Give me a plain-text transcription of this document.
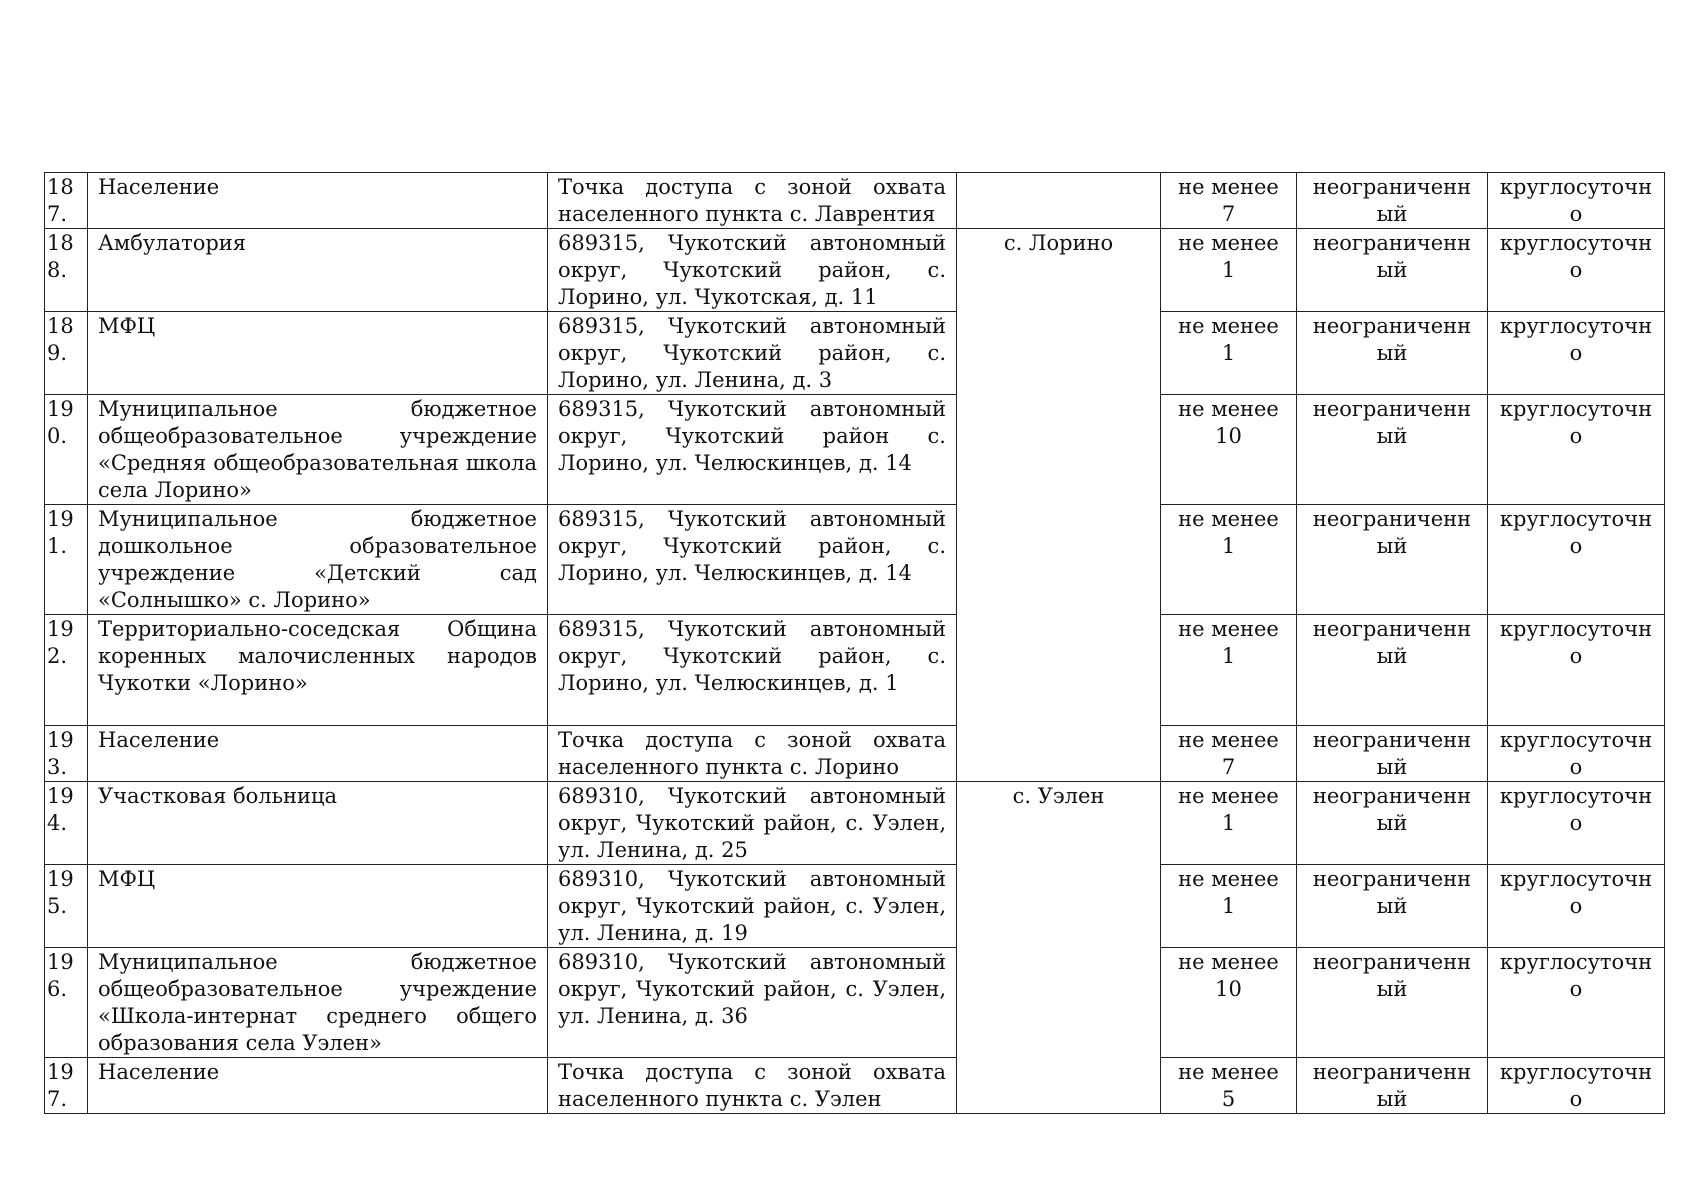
187.	Население	Точка доступа с зоной охвата населенного пункта с. Лаврентия		не менее 7	неограниченный	круглосуточно
188.	Амбулатория	689315, Чукотский автономный округ, Чукотский район, с. Лорино, ул. Чукотская, д. 11	с. Лорино	не менее 1	неограниченный	круглосуточно
189.	МФЦ	689315, Чукотский автономный округ, Чукотский район, с. Лорино, ул. Ленина, д. 3		не менее 1	неограниченный	круглосуточно
190.	Муниципальное бюджетное общеобразовательное учреждение «Средняя общеобразовательная школа села Лорино»	689315, Чукотский автономный округ, Чукотский район с. Лорино, ул. Челюскинцев, д. 14		не менее 10	неограниченный	круглосуточно
191.	Муниципальное бюджетное дошкольное образовательное учреждение «Детский сад «Солнышко» с. Лорино»	689315, Чукотский автономный округ, Чукотский район, с. Лорино, ул. Челюскинцев, д. 14		не менее 1	неограниченный	круглосуточно
192.	Территориально-соседская Община коренных малочисленных народов Чукотки «Лорино»	689315, Чукотский автономный округ, Чукотский район, с. Лорино, ул. Челюскинцев, д. 1		не менее 1	неограниченный	круглосуточно
193.	Население	Точка доступа с зоной охвата населенного пункта с. Лорино		не менее 7	неограниченный	круглосуточно
194.	Участковая больница	689310, Чукотский автономный округ, Чукотский район, с. Уэлен, ул. Ленина, д. 25	с. Уэлен	не менее 1	неограниченный	круглосуточно
195.	МФЦ	689310, Чукотский автономный округ, Чукотский район, с. Уэлен, ул. Ленина, д. 19		не менее 1	неограниченный	круглосуточно
196.	Муниципальное бюджетное общеобразовательное учреждение «Школа-интернат среднего общего образования села Уэлен»	689310, Чукотский автономный округ, Чукотский район, с. Уэлен, ул. Ленина, д. 36		не менее 10	неограниченный	круглосуточно
197.	Население	Точка доступа с зоной охвата населенного пункта с. Уэлен		не менее 5	неограниченный	круглосуточно
